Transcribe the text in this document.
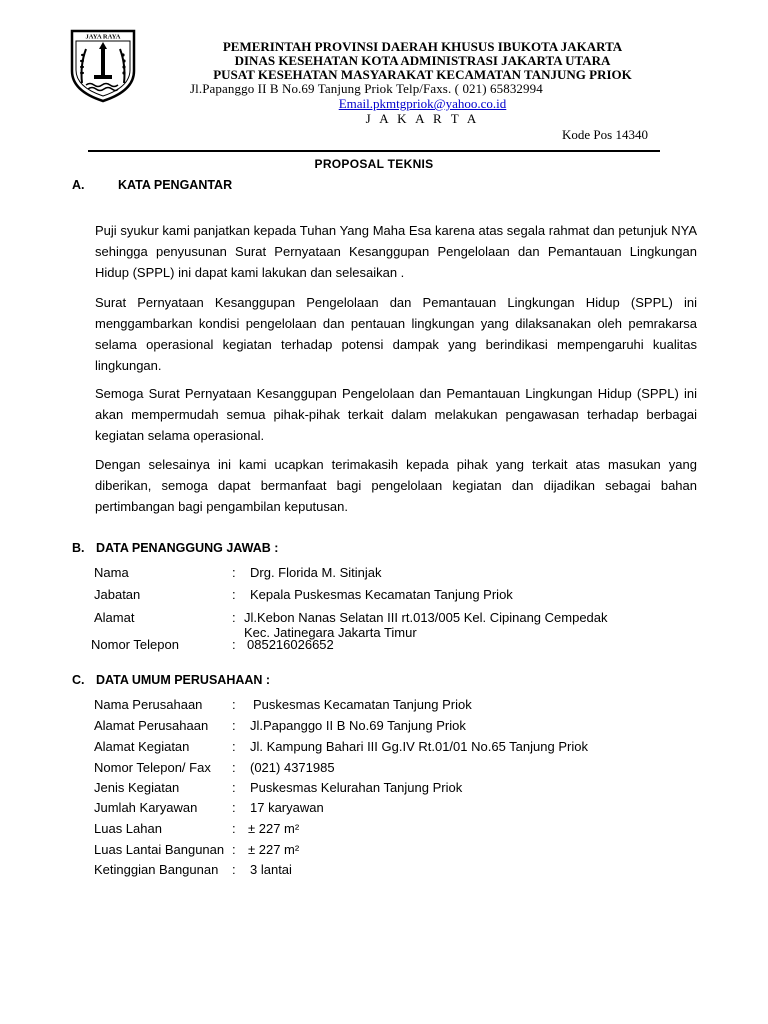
JAYA RAYA
PEMERINTAH PROVINSI DAERAH KHUSUS IBUKOTA JAKARTA
DINAS KESEHATAN KOTA ADMINISTRASI JAKARTA UTARA
PUSAT KESEHATAN MASYARAKAT KECAMATAN TANJUNG PRIOK
Jl.Papanggo II B No.69 Tanjung Priok Telp/Faxs. ( 021) 65832994
Email.pkmtgpriok@yahoo.co.id
J A K A R T A
Kode Pos 14340
PROPOSAL TEKNIS
A.	KATA PENGANTAR
Puji syukur kami panjatkan kepada Tuhan Yang Maha Esa karena atas segala rahmat dan petunjuk NYA sehingga penyusunan Surat Pernyataan Kesanggupan Pengelolaan dan Pemantauan Lingkungan Hidup (SPPL) ini dapat kami lakukan dan selesaikan .
Surat Pernyataan Kesanggupan Pengelolaan dan Pemantauan Lingkungan Hidup (SPPL) ini menggambarkan kondisi pengelolaan dan pentauan lingkungan yang dilaksanakan oleh pemrakarsa selama operasional kegiatan terhadap potensi dampak yang berindikasi mempengaruhi kualitas lingkungan.
Semoga Surat Pernyataan Kesanggupan Pengelolaan dan Pemantauan Lingkungan Hidup (SPPL) ini akan mempermudah semua pihak-pihak terkait dalam melakukan pengawasan terhadap berbagai kegiatan selama operasional.
Dengan selesainya ini kami ucapkan terimakasih kepada pihak yang terkait atas masukan yang diberikan, semoga dapat bermanfaat bagi pengelolaan kegiatan dan dijadikan sebagai bahan pertimbangan bagi pengambilan keputusan.
B. DATA PENANGGUNG JAWAB :
Nama	: Drg. Florida M. Sitinjak
Jabatan	: Kepala Puskesmas Kecamatan Tanjung Priok
Alamat	: Jl.Kebon Nanas Selatan III rt.013/005 Kel. Cipinang Cempedak
Kec. Jatinegara Jakarta Timur
Nomor Telepon	: 085216026652
C. DATA UMUM PERUSAHAAN :
Nama Perusahaan : Puskesmas Kecamatan Tanjung Priok
Alamat Perusahaan : Jl.Papanggo II B No.69 Tanjung Priok
Alamat Kegiatan	: Jl. Kampung Bahari III Gg.IV Rt.01/01 No.65 Tanjung Priok
Nomor Telepon/ Fax : (021) 4371985
Jenis Kegiatan	: Puskesmas Kelurahan Tanjung Priok
Jumlah Karyawan	: 17 karyawan
Luas Lahan	: ± 227 m²
Luas Lantai Bangunan : ± 227 m²
Ketinggian Bangunan : 3 lantai
